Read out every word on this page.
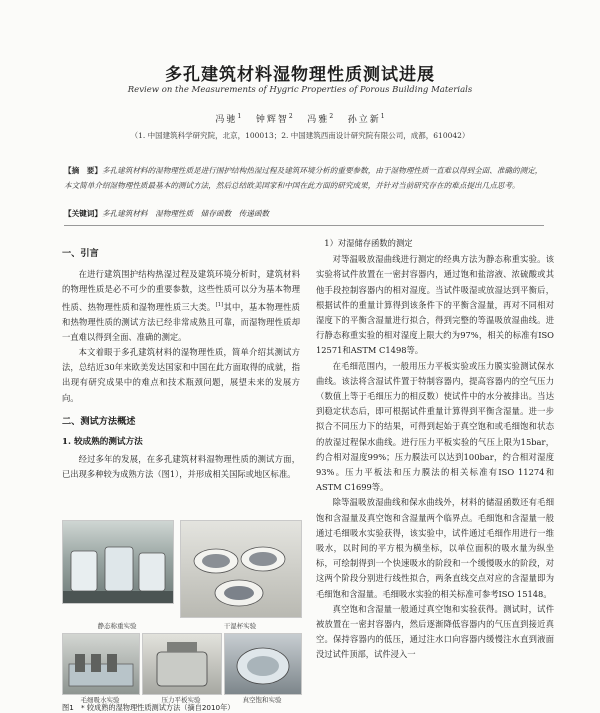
多孔建筑材料湿物理性质测试进展
Review on the Measurements of Hygric Properties of Porous Building Materials
冯驰$^1$ 钟辉智$^2$ 冯雅$^2$ 孙立新$^1$
（1. 中国建筑科学研究院，北京，100013；2. 中国建筑西南设计研究院有限公司，成都，610042）
【摘　要】多孔建筑材料的湿物理性质是进行围护结构热湿过程及建筑环境分析的重要参数，由于湿物理性质一直难以得到全面、准确的测定，本文简单介绍湿物理性质最基本的测试方法，然后总结欧美国家和中国在此方面的研究成果，并针对当前研究存在的难点提出几点思考。
【关键词】多孔建筑材料　湿物理性质　储存函数　传递函数
一、引言

在进行建筑围护结构热湿过程及建筑环境分析时，建筑材料的物理性质是必不可少的重要参数，这些性质可以分为基本物理性质、热物理性质和湿物理性质三大类。[1]其中，基本物理性质和热物理性质的测试方法已经非常成熟且可靠，而湿物理性质却一直难以得到全面、准确的测定。

本文着眼于多孔建筑材料的湿物理性质，简单介绍其测试方法，总结近30年来欧美发达国家和中国在此方面取得的成就，指出现有研究成果中的难点和技术瓶颈问题，展望未来的发展方向。

二、测试方法概述
1. 较成熟的测试方法

经过多年的发展，在多孔建筑材料湿物理性质的测试方面，已出现多种较为成熟方法（图1），并形成相关国际或地区标准。

静态称重实验	干湿杯实验
毛细吸水实验	压力平板实验	真空饱和实验
图1　* 较成熟的湿物理性质测试方法（摘自2010年）
1）对湿储存函数的测定

对等温吸放湿曲线进行测定的经典方法为静态称重实验。该实验将试件放置在一密封容器内，通过饱和盐溶液、浓硫酸或其他手段控制容器内的相对湿度。当试件吸湿或放湿达到平衡后，根据试件的重量计算得到该条件下的平衡含湿量，再对不同相对湿度下的平衡含湿量进行拟合，得到完整的等温吸放湿曲线。进行静态称重实验的相对湿度上限大约为97%，相关的标准有ISO 12571和ASTM C1498等。

在毛细范围内，一般用压力平板实验或压力膜实验测试保水曲线。该法将含湿试件置于特制容器内，提高容器内的空气压力（数值上等于毛细压力的相反数）使试件中的水分被排出。当达到稳定状态后，即可根据试件重量计算得到平衡含湿量。进一步拟合不同压力下的结果，可得到起始于真空饱和或毛细饱和状态的放湿过程保水曲线。进行压力平板实验的气压上限为15bar，约合相对湿度99%；压力膜法可以达到100bar，约合相对湿度93%。压力平板法和压力膜法的相关标准有ISO 11274和ASTM C1699等。

除等温吸放湿曲线和保水曲线外，材料的储湿函数还有毛细饱和含湿量及真空饱和含湿量两个临界点。毛细饱和含湿量一般通过毛细吸水实验获得，该实验中，试件通过毛细作用进行一维吸水，以时间的平方根为横坐标，以单位面积的吸水量为纵坐标，可绘制得到一个快速吸水的阶段和一个缓慢吸水的阶段，对这两个阶段分别进行线性拟合，两条直线交点对应的含湿量即为毛细饱和含湿量。毛细吸水实验的相关标准可参考ISO 15148。

真空饱和含湿量一般通过真空饱和实验获得。测试时，试件被放置在一密封容器内，然后逐渐降低容器内的气压直到接近真空。保持容器内的低压，通过注水口向容器内缓慢注水直到液面没过试件顶部，试件浸入一
